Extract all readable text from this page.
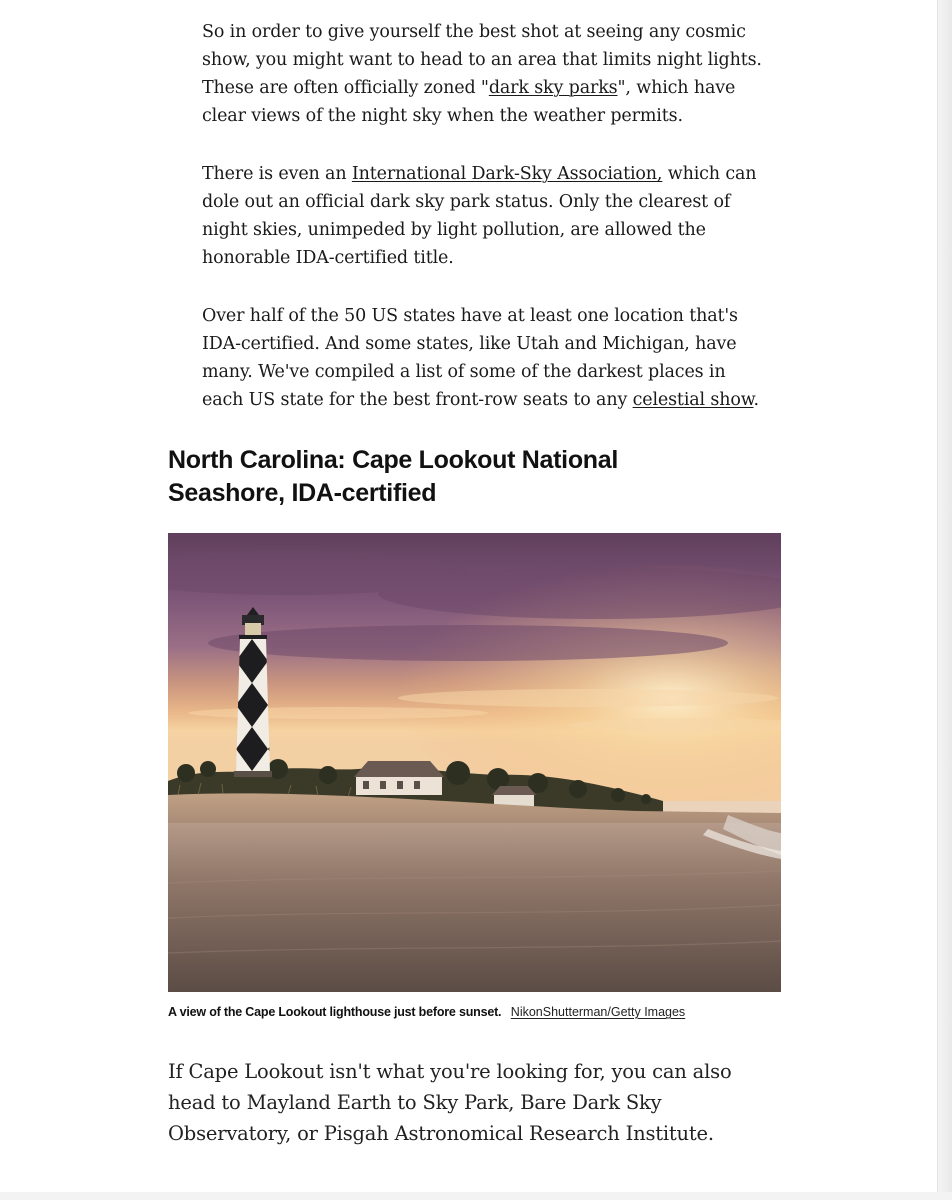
So in order to give yourself the best shot at seeing any cosmic show, you might want to head to an area that limits night lights. These are often officially zoned "dark sky parks", which have clear views of the night sky when the weather permits.

There is even an International Dark-Sky Association, which can dole out an official dark sky park status. Only the clearest of night skies, unimpeded by light pollution, are allowed the honorable IDA-certified title.

Over half of the 50 US states have at least one location that's IDA-certified. And some states, like Utah and Michigan, have many. We've compiled a list of some of the darkest places in each US state for the best front-row seats to any celestial show.

North Carolina: Cape Lookout National Seashore, IDA-certified
A view of the Cape Lookout lighthouse just before sunset. NikonShutterman/Getty Images

If Cape Lookout isn't what you're looking for, you can also head to Mayland Earth to Sky Park, Bare Dark Sky Observatory, or Pisgah Astronomical Research Institute.
